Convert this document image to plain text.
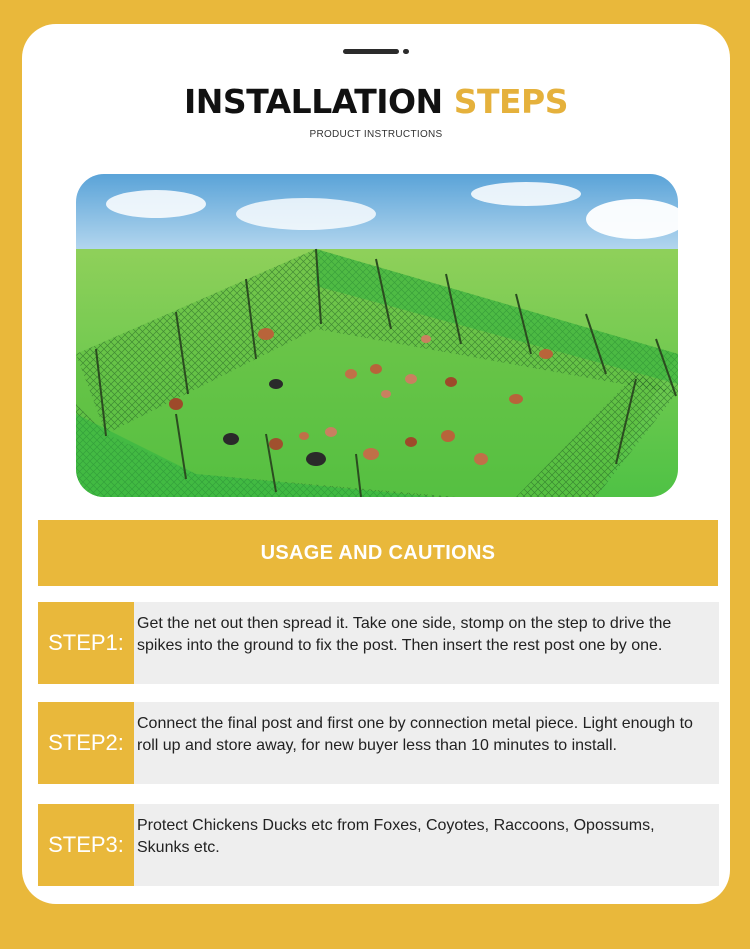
INSTALLATION STEPS
PRODUCT INSTRUCTIONS
USAGE AND CAUTIONS
STEP1:
Get the net out then spread it. Take one side, stomp on the step to drive the spikes into the ground to fix the post. Then insert the rest post one by one.
STEP2:
Connect the final post and first one by connection metal piece. Light enough to roll up and store away, for new buyer less than 10 minutes to install.
STEP3:
Protect Chickens Ducks etc from Foxes, Coyotes, Raccoons, Opossums, Skunks etc.
